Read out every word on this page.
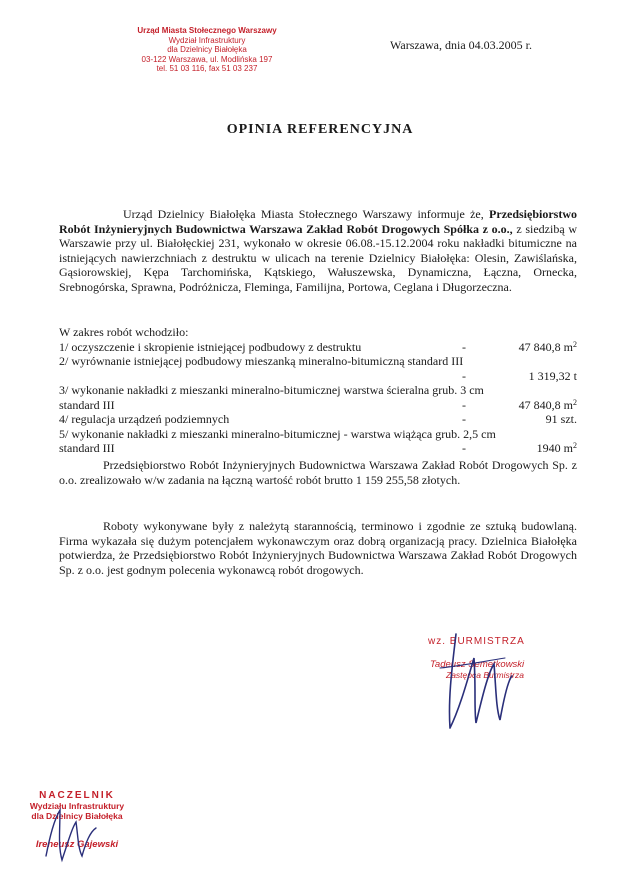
Urząd Miasta Stołecznego Warszawy
Wydział Infrastruktury
dla Dzielnicy Białołęka
03-122 Warszawa, ul. Modlińska 197
tel. 51 03 116, fax 51 03 237
Warszawa, dnia 04.03.2005 r.
OPINIA REFERENCYJNA
Urząd Dzielnicy Białołęka Miasta Stołecznego Warszawy informuje że, Przedsiębiorstwo Robót Inżynieryjnych Budownictwa Warszawa Zakład Robót Drogowych Spółka z o.o., z siedzibą w Warszawie przy ul. Białołęckiej 231, wykonało w okresie 06.08.-15.12.2004 roku nakładki bitumiczne na istniejących nawierzchniach z destruktu w ulicach na terenie Dzielnicy Białołęka: Olesin, Zawiślańska, Gąsiorowskiej, Kępa Tarchomińska, Kątskiego, Wałuszewska, Dynamiczna, Łączna, Ornecka, Srebnogórska, Sprawna, Podróżnicza, Fleminga, Familijna, Portowa, Ceglana i Długorzeczna.
W zakres robót wchodziło:
1/ oczyszczenie i skropienie istniejącej podbudowy z destruktu	-	47 840,8 $m^2$
2/ wyrównanie istniejącej podbudowy mieszanką mineralno-bitumiczną standard III
-	1 319,32 t
3/ wykonanie nakładki z mieszanki mineralno-bitumicznej warstwa ścieralna grub. 3 cm
standard III	-	47 840,8 $m^2$
4/ regulacja urządzeń podziemnych	-	91 szt.
5/ wykonanie nakładki z mieszanki mineralno-bitumicznej - warstwa wiążąca grub. 2,5 cm
standard III	-	1940 $m^2$
Przedsiębiorstwo Robót Inżynieryjnych Budownictwa Warszawa Zakład Robót Drogowych Sp. z o.o. zrealizowało w/w zadania na łączną wartość robót brutto 1 159 255,58 złotych.
Roboty wykonywane były z należytą starannością, terminowo i zgodnie ze sztuką budowlaną. Firma wykazała się dużym potencjałem wykonawczym oraz dobrą organizacją pracy. Dzielnica Białołęka potwierdza, że Przedsiębiorstwo Robót Inżynieryjnych Budownictwa Warszawa Zakład Robót Drogowych Sp. z o.o. jest godnym polecenia wykonawcą robót drogowych.
wz. BURMISTRZA
Tadeusz Semetkowski
Zastępca Burmistrza
NACZELNIK
Wydziału Infrastruktury
dla Dzielnicy Białołęka
Ireneusz Gajewski
